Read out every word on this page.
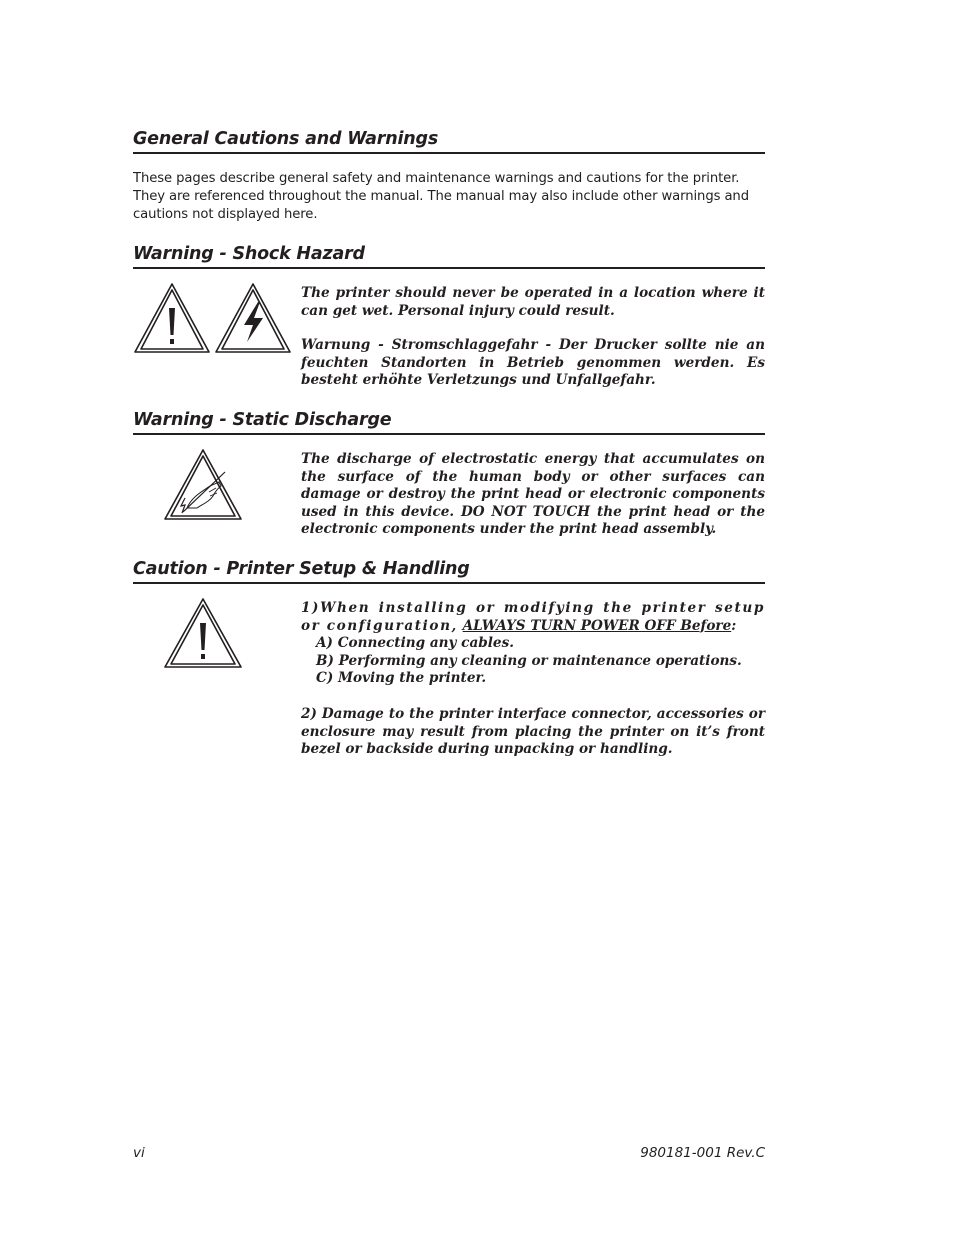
General Cautions and Warnings

These pages describe general safety and maintenance warnings and cautions for the printer. They are referenced throughout the manual. The manual may also include other warnings and cautions not displayed here.

Warning - Shock Hazard

The printer should never be operated in a location where it can get wet. Personal injury could result.

Warnung - Stromschlaggefahr - Der Drucker sollte nie an feuchten Standorten in Betrieb genommen werden. Es besteht erhöhte Verletzungs und Unfallgefahr.

Warning - Static Discharge

The discharge of electrostatic energy that accumulates on the surface of the human body or other surfaces can damage or destroy the print head or electronic components used in this device. DO NOT TOUCH the print head or the electronic components under the print head assembly.

Caution - Printer Setup & Handling

1)When installing or modifying the printer setup or configuration, ALWAYS TURN POWER OFF Before:

A) Connecting any cables.

B) Performing any cleaning or maintenance operations.

C) Moving the printer.

2) Damage to the printer interface connector, accessories or enclosure may result from placing the printer on it’s front bezel or backside during unpacking or handling.

vi	980181-001 Rev.C
